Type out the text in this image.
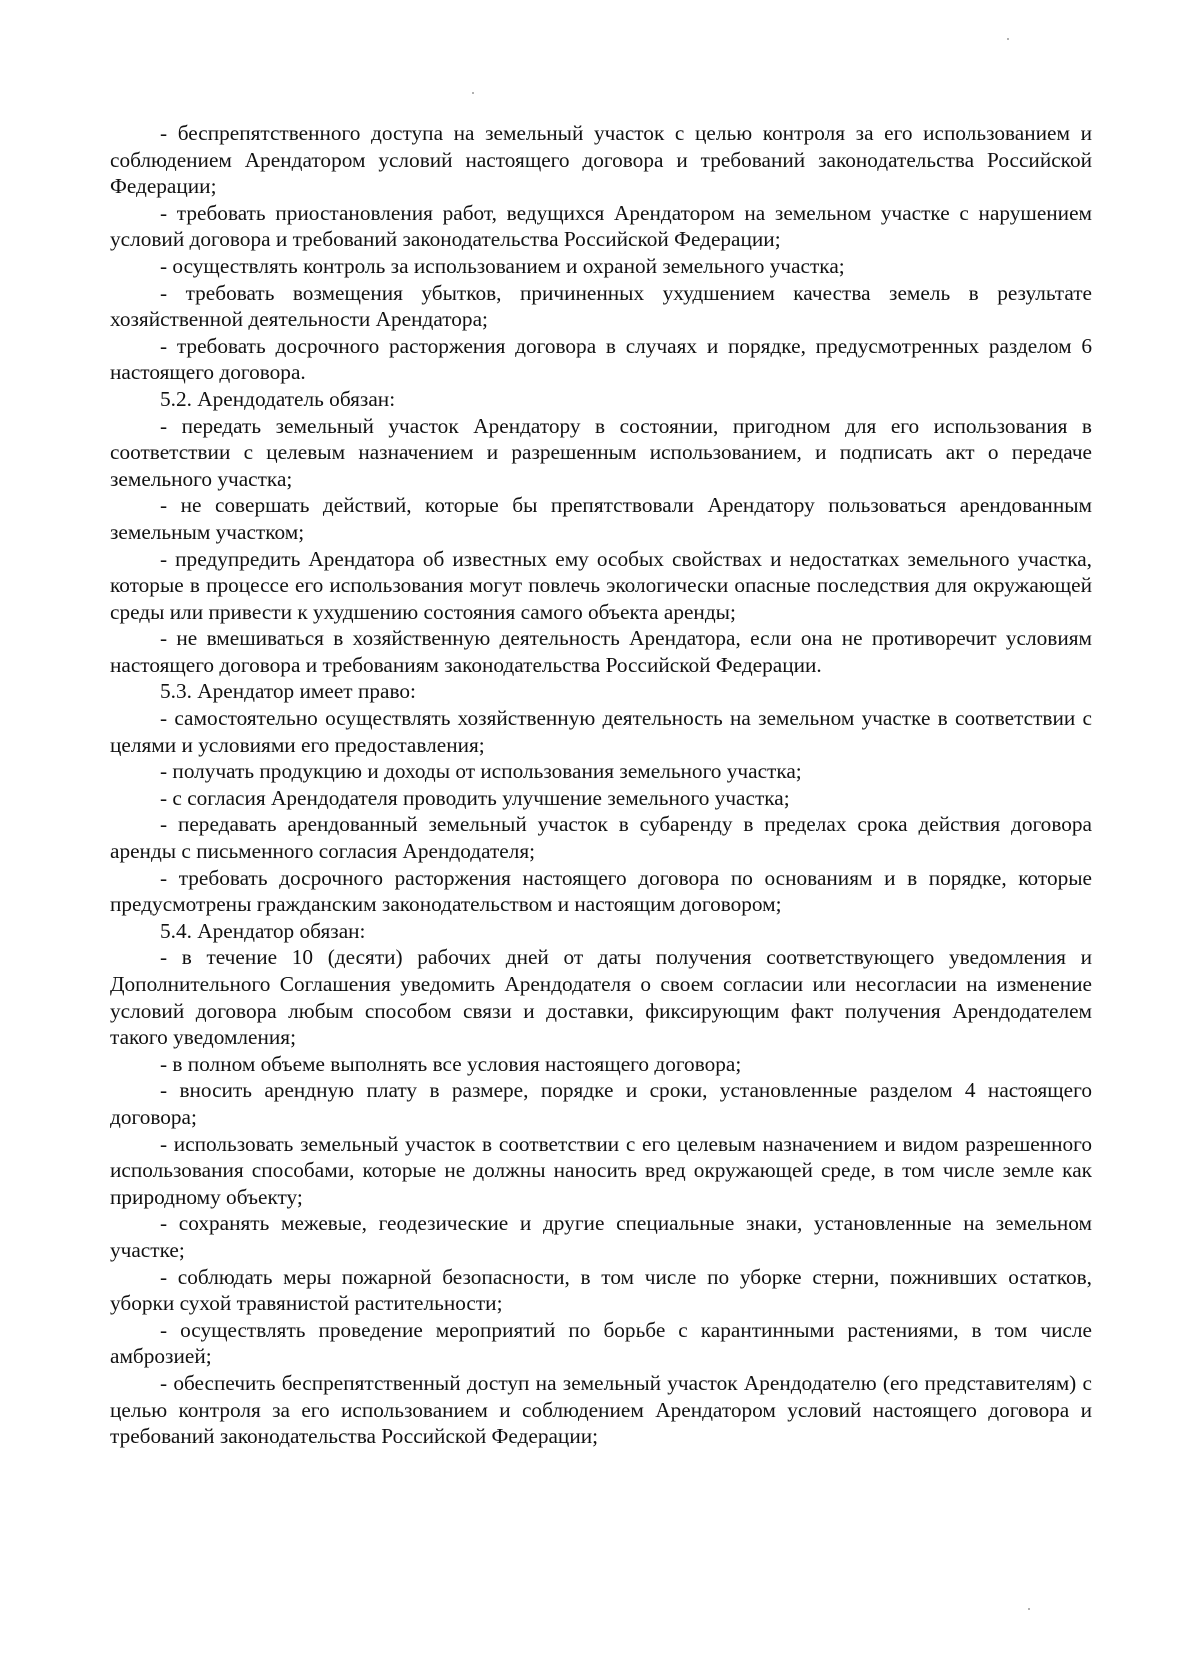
- беспрепятственного доступа на земельный участок с целью контроля за его использованием и соблюдением Арендатором условий настоящего договора и требований законодательства Российской Федерации;

- требовать приостановления работ, ведущихся Арендатором на земельном участке с нарушением условий договора и требований законодательства Российской Федерации;

- осуществлять контроль за использованием и охраной земельного участка;

- требовать возмещения убытков, причиненных ухудшением качества земель в результате хозяйственной деятельности Арендатора;

- требовать досрочного расторжения договора в случаях и порядке, предусмотренных разделом 6 настоящего договора.

5.2. Арендодатель обязан:

- передать земельный участок Арендатору в состоянии, пригодном для его использования в соответствии с целевым назначением и разрешенным использованием, и подписать акт о передаче земельного участка;

- не совершать действий, которые бы препятствовали Арендатору пользоваться арендованным земельным участком;

- предупредить Арендатора об известных ему особых свойствах и недостатках земельного участка, которые в процессе его использования могут повлечь экологически опасные последствия для окружающей среды или привести к ухудшению состояния самого объекта аренды;

- не вмешиваться в хозяйственную деятельность Арендатора, если она не противоречит условиям настоящего договора и требованиям законодательства Российской Федерации.

5.3. Арендатор имеет право:

- самостоятельно осуществлять хозяйственную деятельность на земельном участке в соответствии с целями и условиями его предоставления;

- получать продукцию и доходы от использования земельного участка;

- с согласия Арендодателя проводить улучшение земельного участка;

- передавать арендованный земельный участок в субаренду в пределах срока действия договора аренды с письменного согласия Арендодателя;

- требовать досрочного расторжения настоящего договора по основаниям и в порядке, которые предусмотрены гражданским законодательством и настоящим договором;

5.4. Арендатор обязан:

- в течение 10 (десяти) рабочих дней от даты получения соответствующего уведомления и Дополнительного Соглашения уведомить Арендодателя о своем согласии или несогласии на изменение условий договора любым способом связи и доставки, фиксирующим факт получения Арендодателем такого уведомления;

- в полном объеме выполнять все условия настоящего договора;

- вносить арендную плату в размере, порядке и сроки, установленные разделом 4 настоящего договора;

- использовать земельный участок в соответствии с его целевым назначением и видом разрешенного использования способами, которые не должны наносить вред окружающей среде, в том числе земле как природному объекту;

- сохранять межевые, геодезические и другие специальные знаки, установленные на земельном участке;

- соблюдать меры пожарной безопасности, в том числе по уборке стерни, пожнивших остатков, уборки сухой травянистой растительности;

- осуществлять проведение мероприятий по борьбе с карантинными растениями, в том числе амброзией;

- обеспечить беспрепятственный доступ на земельный участок Арендодателю (его представителям) с целью контроля за его использованием и соблюдением Арендатором условий настоящего договора и требований законодательства Российской Федерации;
